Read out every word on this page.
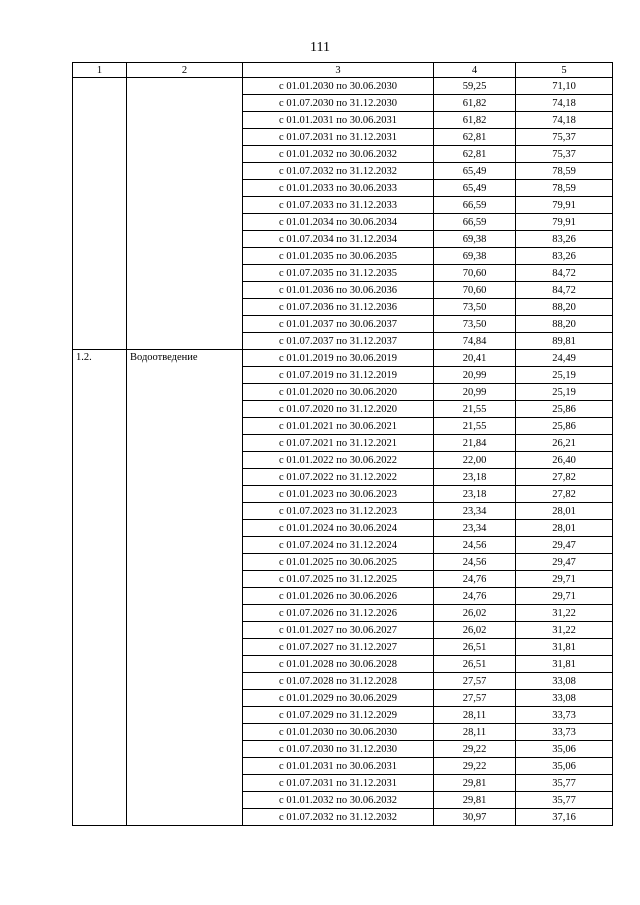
111
1	2	3	4	5
		с 01.01.2030 по 30.06.2030	59,25	71,10
		с 01.07.2030 по 31.12.2030	61,82	74,18
		с 01.01.2031 по 30.06.2031	61,82	74,18
		с 01.07.2031 по 31.12.2031	62,81	75,37
		с 01.01.2032 по 30.06.2032	62,81	75,37
		с 01.07.2032 по 31.12.2032	65,49	78,59
		с 01.01.2033 по 30.06.2033	65,49	78,59
		с 01.07.2033 по 31.12.2033	66,59	79,91
		с 01.01.2034 по 30.06.2034	66,59	79,91
		с 01.07.2034 по 31.12.2034	69,38	83,26
		с 01.01.2035 по 30.06.2035	69,38	83,26
		с 01.07.2035 по 31.12.2035	70,60	84,72
		с 01.01.2036 по 30.06.2036	70,60	84,72
		с 01.07.2036 по 31.12.2036	73,50	88,20
		с 01.01.2037 по 30.06.2037	73,50	88,20
		с 01.07.2037 по 31.12.2037	74,84	89,81
1.2.	Водоотведение	с 01.01.2019 по 30.06.2019	20,41	24,49
		с 01.07.2019 по 31.12.2019	20,99	25,19
		с 01.01.2020 по 30.06.2020	20,99	25,19
		с 01.07.2020 по 31.12.2020	21,55	25,86
		с 01.01.2021 по 30.06.2021	21,55	25,86
		с 01.07.2021 по 31.12.2021	21,84	26,21
		с 01.01.2022 по 30.06.2022	22,00	26,40
		с 01.07.2022 по 31.12.2022	23,18	27,82
		с 01.01.2023 по 30.06.2023	23,18	27,82
		с 01.07.2023 по 31.12.2023	23,34	28,01
		с 01.01.2024 по 30.06.2024	23,34	28,01
		с 01.07.2024 по 31.12.2024	24,56	29,47
		с 01.01.2025 по 30.06.2025	24,56	29,47
		с 01.07.2025 по 31.12.2025	24,76	29,71
		с 01.01.2026 по 30.06.2026	24,76	29,71
		с 01.07.2026 по 31.12.2026	26,02	31,22
		с 01.01.2027 по 30.06.2027	26,02	31,22
		с 01.07.2027 по 31.12.2027	26,51	31,81
		с 01.01.2028 по 30.06.2028	26,51	31,81
		с 01.07.2028 по 31.12.2028	27,57	33,08
		с 01.01.2029 по 30.06.2029	27,57	33,08
		с 01.07.2029 по 31.12.2029	28,11	33,73
		с 01.01.2030 по 30.06.2030	28,11	33,73
		с 01.07.2030 по 31.12.2030	29,22	35,06
		с 01.01.2031 по 30.06.2031	29,22	35,06
		с 01.07.2031 по 31.12.2031	29,81	35,77
		с 01.01.2032 по 30.06.2032	29,81	35,77
		с 01.07.2032 по 31.12.2032	30,97	37,16
